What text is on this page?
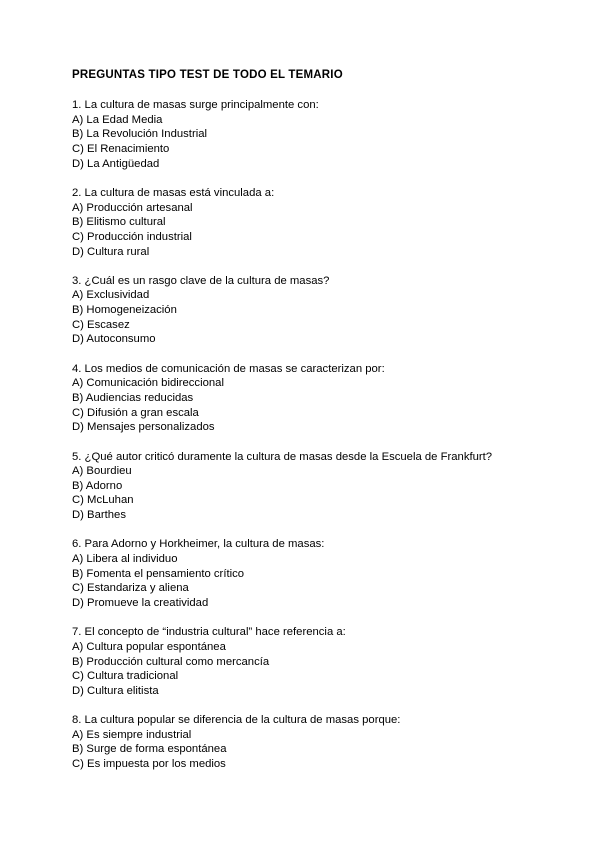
PREGUNTAS TIPO TEST DE TODO EL TEMARIO
1. La cultura de masas surge principalmente con:
A) La Edad Media
B) La Revolución Industrial
C) El Renacimiento
D) La Antigüedad
2. La cultura de masas está vinculada a:
A) Producción artesanal
B) Elitismo cultural
C) Producción industrial
D) Cultura rural
3. ¿Cuál es un rasgo clave de la cultura de masas?
A) Exclusividad
B) Homogeneización
C) Escasez
D) Autoconsumo
4. Los medios de comunicación de masas se caracterizan por:
A) Comunicación bidireccional
B) Audiencias reducidas
C) Difusión a gran escala
D) Mensajes personalizados
5. ¿Qué autor criticó duramente la cultura de masas desde la Escuela de Frankfurt?
A) Bourdieu
B) Adorno
C) McLuhan
D) Barthes
6. Para Adorno y Horkheimer, la cultura de masas:
A) Libera al individuo
B) Fomenta el pensamiento crítico
C) Estandariza y aliena
D) Promueve la creatividad
7. El concepto de “industria cultural” hace referencia a:
A) Cultura popular espontánea
B) Producción cultural como mercancía
C) Cultura tradicional
D) Cultura elitista
8. La cultura popular se diferencia de la cultura de masas porque:
A) Es siempre industrial
B) Surge de forma espontánea
C) Es impuesta por los medios
